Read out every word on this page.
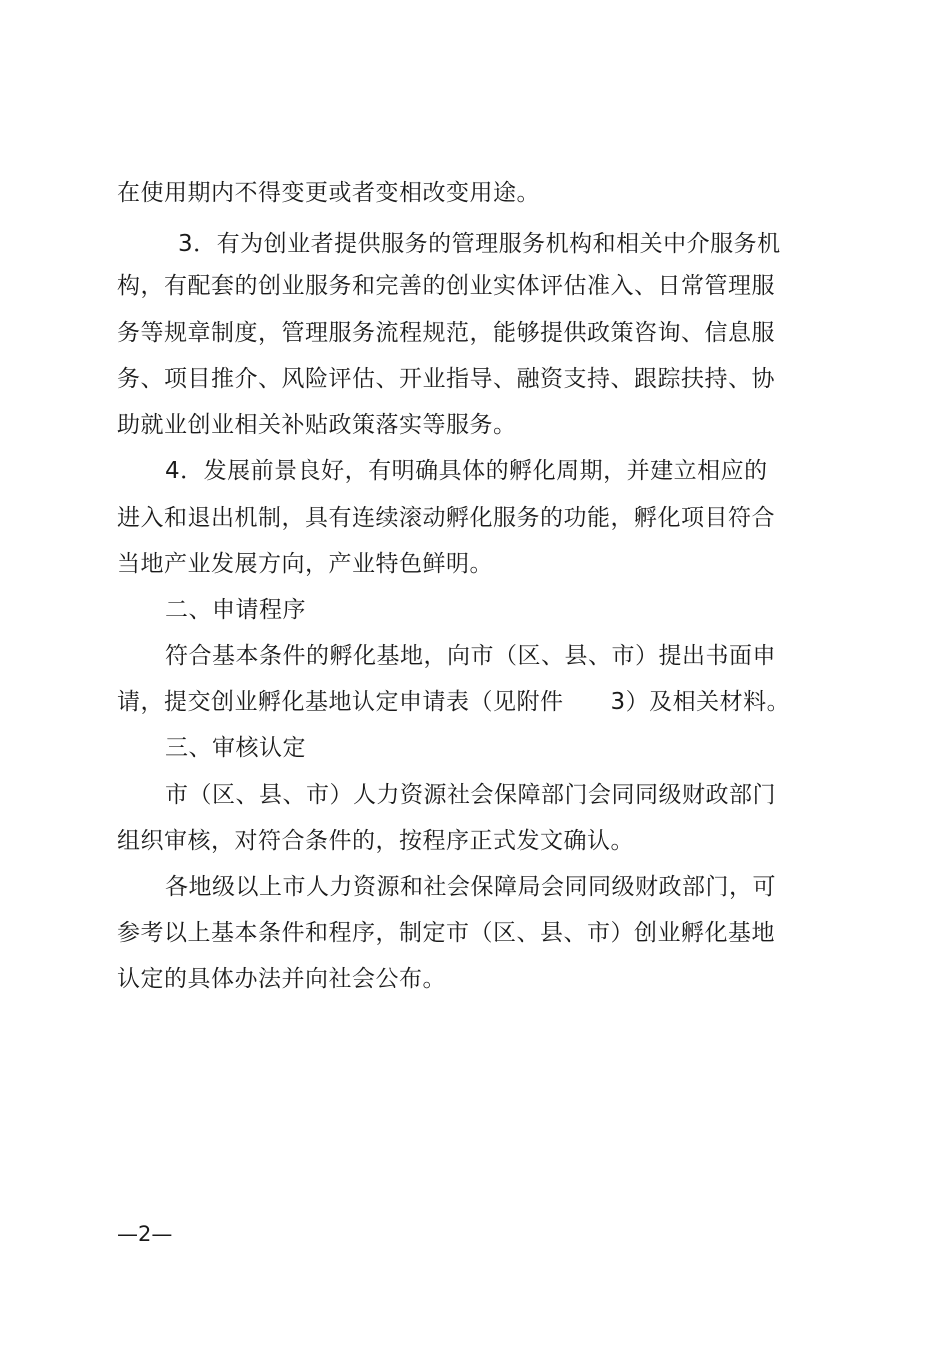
在使用期内不得变更或者变相改变用途。
3．有为创业者提供服务的管理服务机构和相关中介服务机
构，有配套的创业服务和完善的创业实体评估准入、日常管理服
务等规章制度，管理服务流程规范，能够提供政策咨询、信息服
务、项目推介、风险评估、开业指导、融资支持、跟踪扶持、协
助就业创业相关补贴政策落实等服务。
4．发展前景良好，有明确具体的孵化周期，并建立相应的
进入和退出机制，具有连续滚动孵化服务的功能，孵化项目符合
当地产业发展方向，产业特色鲜明。
二、申请程序
符合基本条件的孵化基地，向市（区、县、市）提出书面申
请，提交创业孵化基地认定申请表（见附件　　3）及相关材料。
三、审核认定
市（区、县、市）人力资源社会保障部门会同同级财政部门
组织审核，对符合条件的，按程序正式发文确认。
各地级以上市人力资源和社会保障局会同同级财政部门，可
参考以上基本条件和程序，制定市（区、县、市）创业孵化基地
认定的具体办法并向社会公布。
—2—
